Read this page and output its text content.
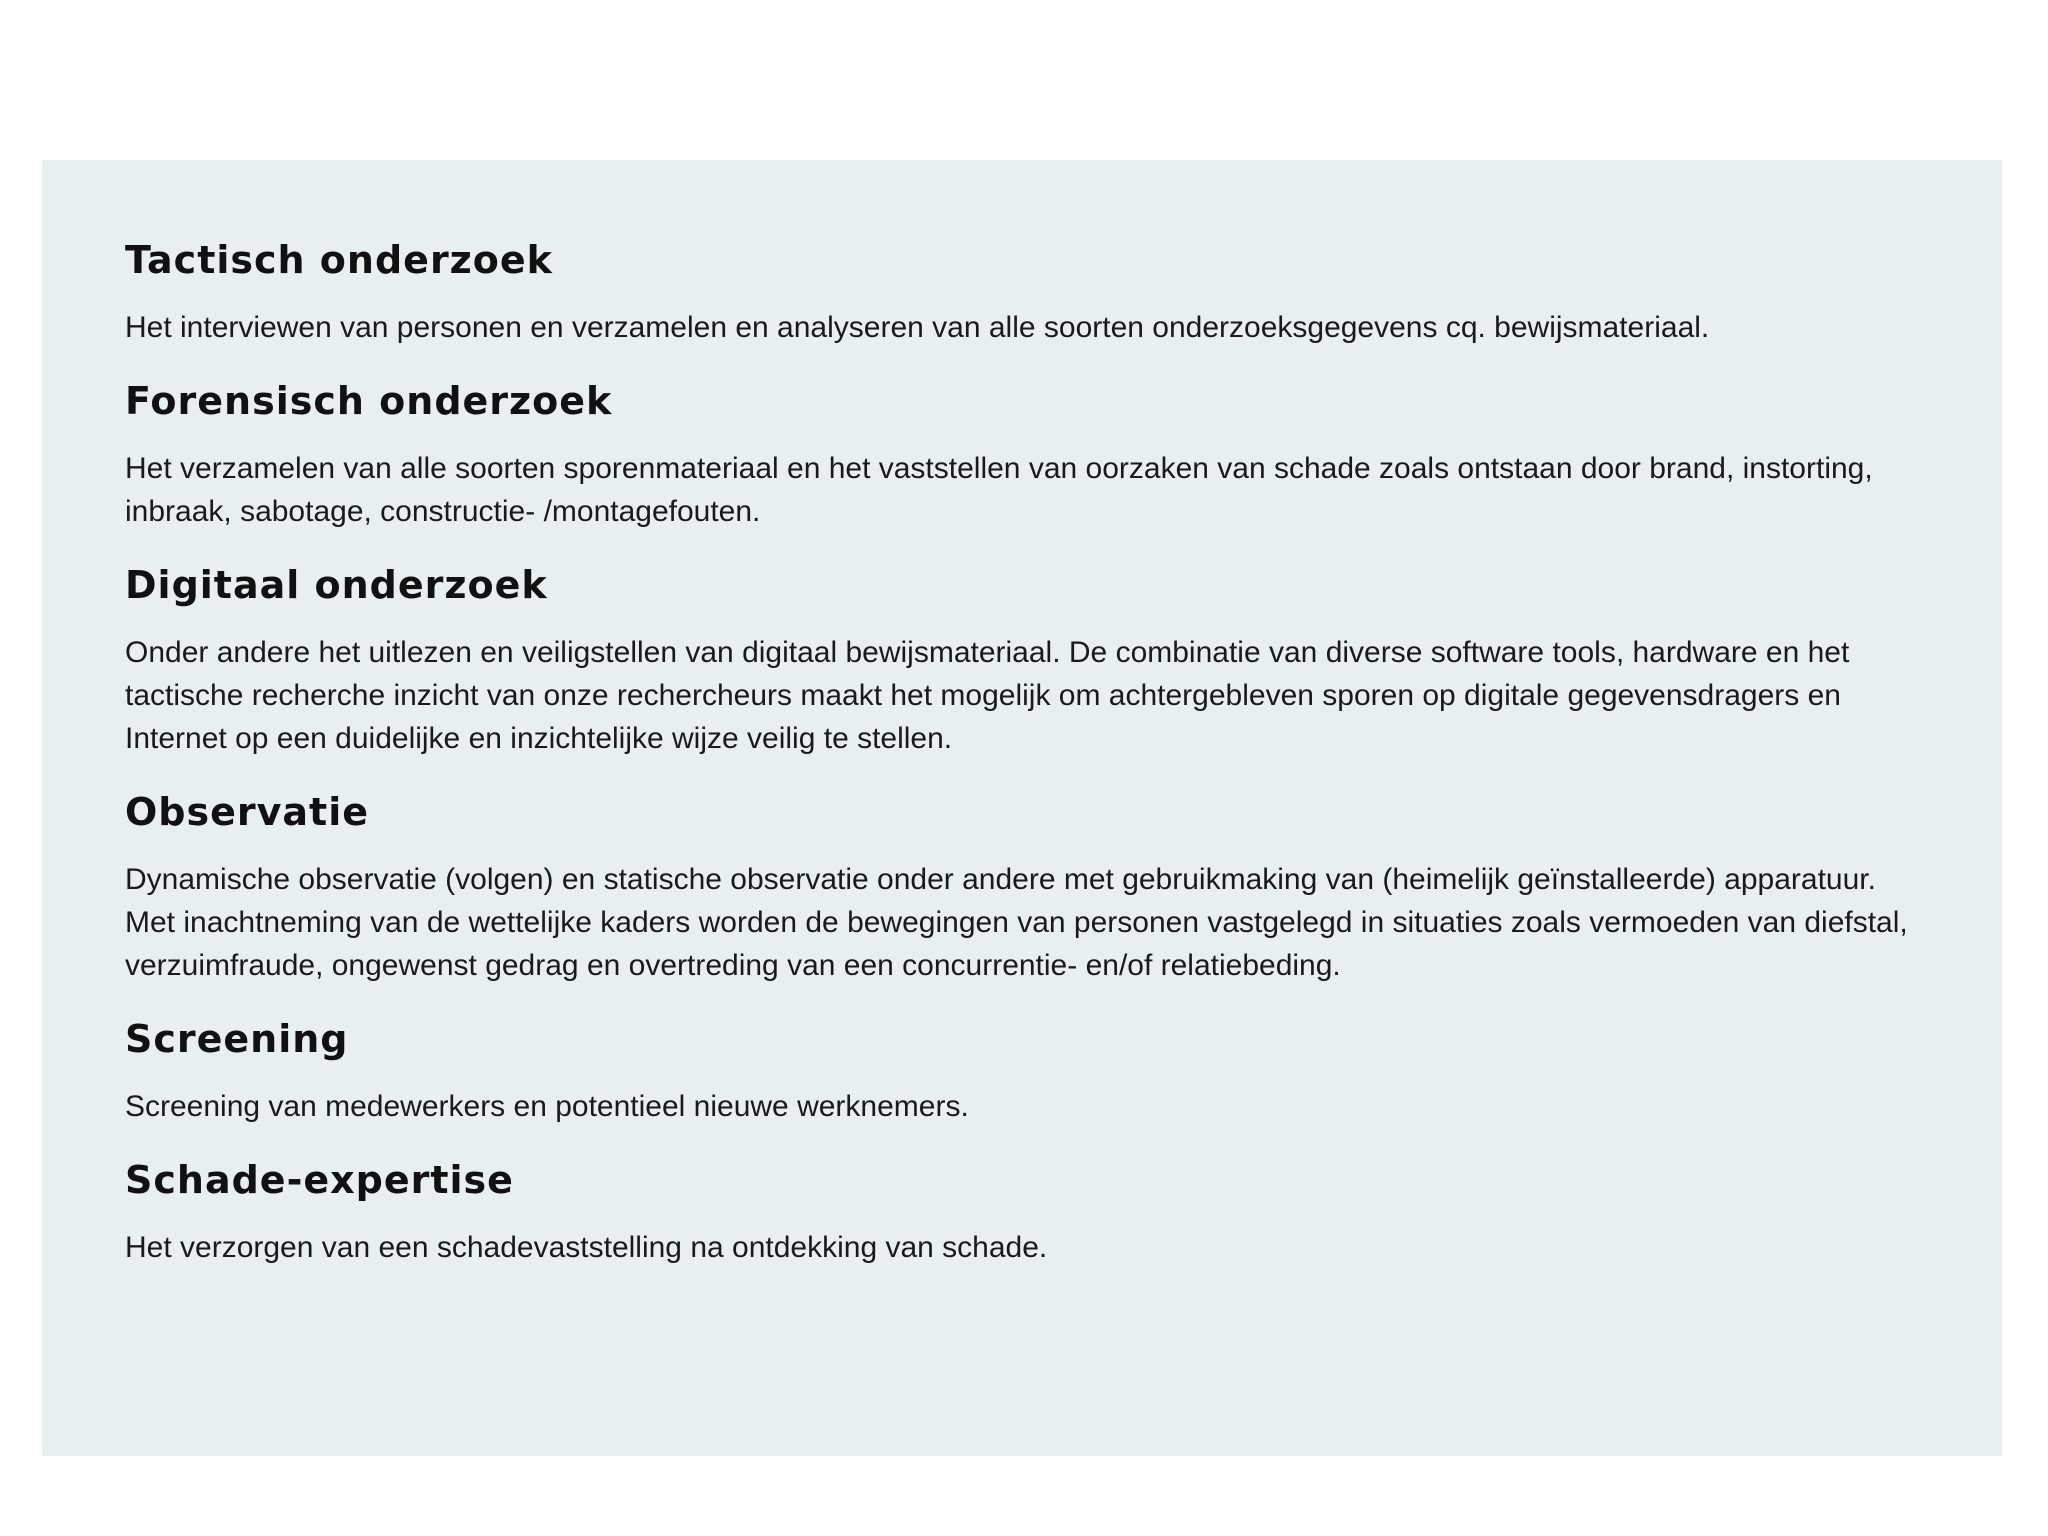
Tactisch onderzoek

Het interviewen van personen en verzamelen en analyseren van alle soorten onderzoeksgegevens cq. bewijsmateriaal.

Forensisch onderzoek

Het verzamelen van alle soorten sporenmateriaal en het vaststellen van oorzaken van schade zoals ontstaan door brand, instorting, inbraak, sabotage, constructie- /montagefouten.

Digitaal onderzoek

Onder andere het uitlezen en veiligstellen van digitaal bewijsmateriaal. De combinatie van diverse software tools, hardware en het tactische recherche inzicht van onze rechercheurs maakt het mogelijk om achtergebleven sporen op digitale gegevensdragers en Internet op een duidelijke en inzichtelijke wijze veilig te stellen.

Observatie

Dynamische observatie (volgen) en statische observatie onder andere met gebruikmaking van (heimelijk geïnstalleerde) apparatuur. Met inachtneming van de wettelijke kaders worden de bewegingen van personen vastgelegd in situaties zoals vermoeden van diefstal, verzuimfraude, ongewenst gedrag en overtreding van een concurrentie- en/of relatiebeding.

Screening

Screening van medewerkers en potentieel nieuwe werknemers.

Schade-expertise

Het verzorgen van een schadevaststelling na ontdekking van schade.
